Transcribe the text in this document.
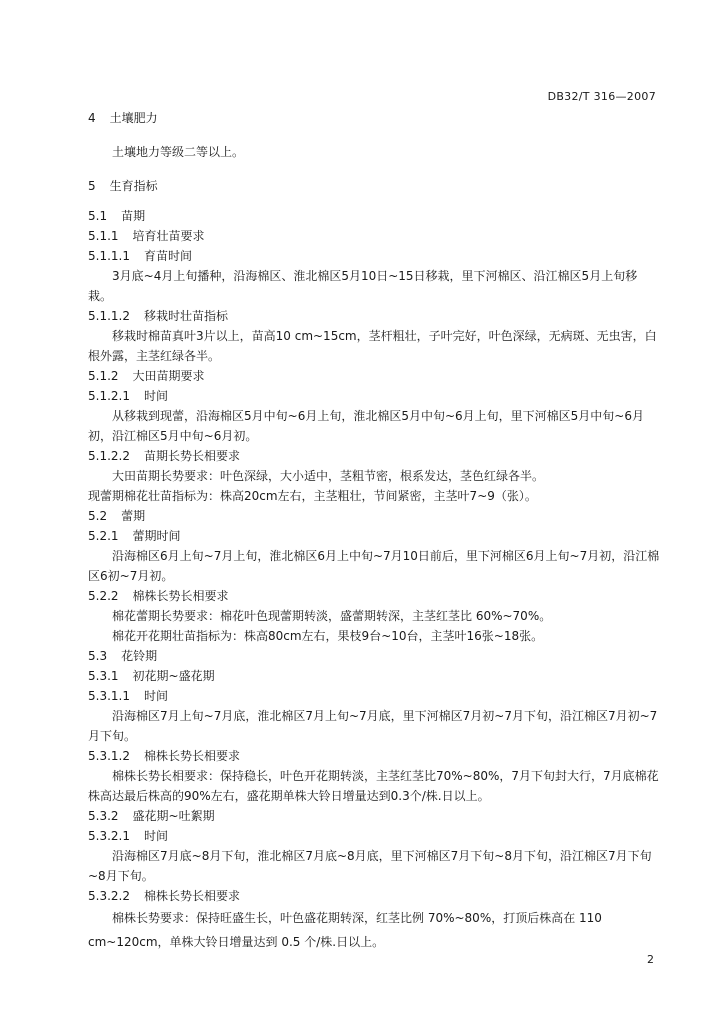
DB32/T 316—2007
4 土壤肥力
土壤地力等级二等以上。
5 生育指标
5.1 苗期
5.1.1 培育壮苗要求
5.1.1.1 育苗时间
3月底~4月上旬播种，沿海棉区、淮北棉区5月10日~15日移栽，里下河棉区、沿江棉区5月上旬移栽。
5.1.1.2 移栽时壮苗指标
移栽时棉苗真叶3片以上，苗高10 cm~15cm，茎杆粗壮，子叶完好，叶色深绿，无病斑、无虫害，白根外露，主茎红绿各半。
5.1.2 大田苗期要求
5.1.2.1 时间
从移栽到现蕾，沿海棉区5月中旬~6月上旬，淮北棉区5月中旬~6月上旬，里下河棉区5月中旬~6月初，沿江棉区5月中旬~6月初。
5.1.2.2 苗期长势长相要求
大田苗期长势要求：叶色深绿，大小适中，茎粗节密，根系发达，茎色红绿各半。
现蕾期棉花壮苗指标为：株高20cm左右，主茎粗壮，节间紧密，主茎叶7~9（张）。
5.2 蕾期
5.2.1 蕾期时间
沿海棉区6月上旬~7月上旬，淮北棉区6月上中旬~7月10日前后，里下河棉区6月上旬~7月初，沿江棉区6初~7月初。
5.2.2 棉株长势长相要求
棉花蕾期长势要求：棉花叶色现蕾期转淡，盛蕾期转深，主茎红茎比 60%~70%。
棉花开花期壮苗指标为：株高80cm左右，果枝9台~10台，主茎叶16张~18张。
5.3 花铃期
5.3.1 初花期~盛花期
5.3.1.1 时间
沿海棉区7月上旬~7月底，淮北棉区7月上旬~7月底，里下河棉区7月初~7月下旬，沿江棉区7月初~7月下旬。
5.3.1.2 棉株长势长相要求
棉株长势长相要求：保持稳长，叶色开花期转淡，主茎红茎比70%~80%，7月下旬封大行，7月底棉花株高达最后株高的90%左右，盛花期单株大铃日增量达到0.3个/株.日以上。
5.3.2 盛花期~吐絮期
5.3.2.1 时间
沿海棉区7月底~8月下旬，淮北棉区7月底~8月底，里下河棉区7月下旬~8月下旬，沿江棉区7月下旬~8月下旬。
5.3.2.2 棉株长势长相要求
棉株长势要求：保持旺盛生长，叶色盛花期转深，红茎比例 70%~80%，打顶后株高在 110 cm~120cm，单株大铃日增量达到 0.5 个/株.日以上。
2
